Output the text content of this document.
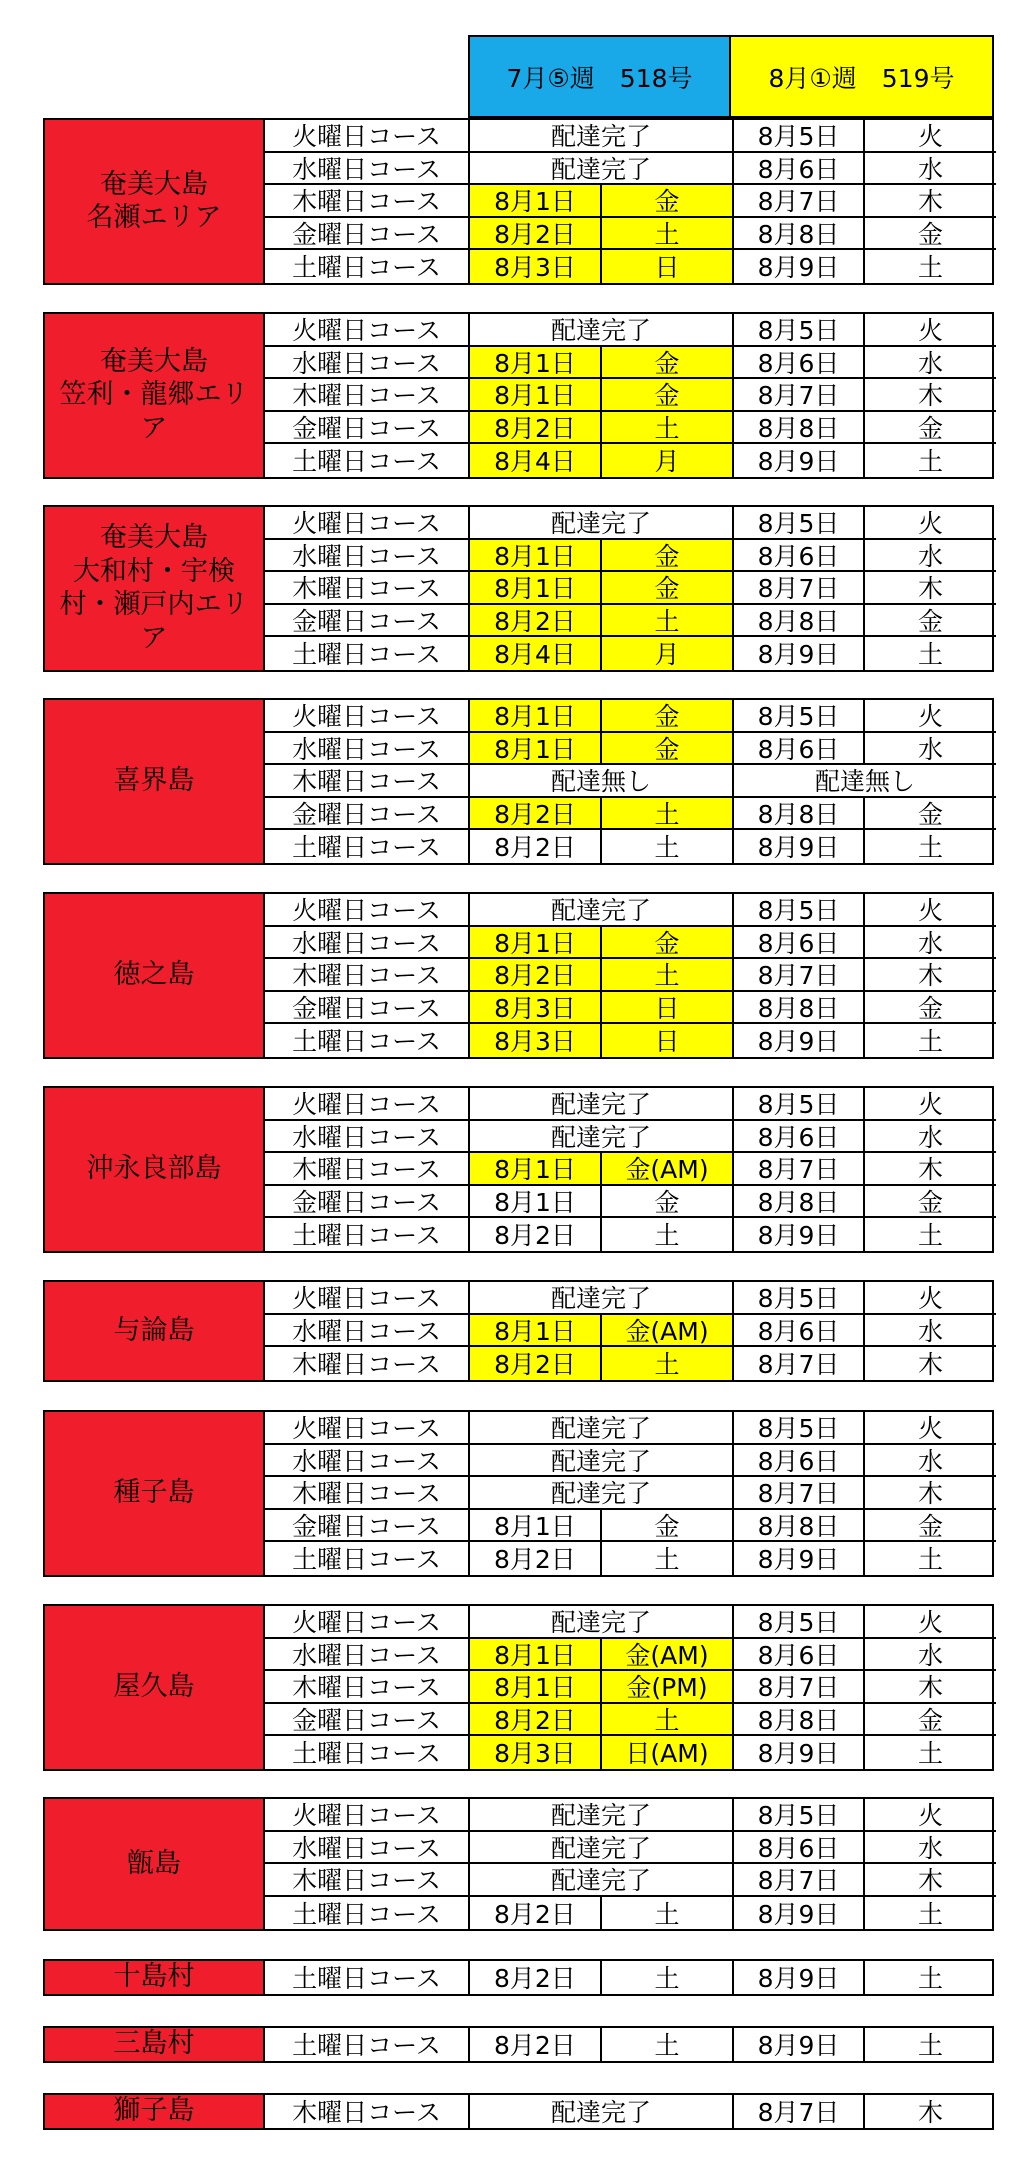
7月⑤週　518号	8月①週　519号
奄美大島
名瀬エリア
火曜日コース	配達完了	8月5日	火
水曜日コース	配達完了	8月6日	水
木曜日コース	8月1日	金	8月7日	木
金曜日コース	8月2日	土	8月8日	金
土曜日コース	8月3日	日	8月9日	土
奄美大島
笠利・龍郷エリ
ア
火曜日コース	配達完了	8月5日	火
水曜日コース	8月1日	金	8月6日	水
木曜日コース	8月1日	金	8月7日	木
金曜日コース	8月2日	土	8月8日	金
土曜日コース	8月4日	月	8月9日	土
奄美大島
大和村・宇検
村・瀬戸内エリ
ア
火曜日コース	配達完了	8月5日	火
水曜日コース	8月1日	金	8月6日	水
木曜日コース	8月1日	金	8月7日	木
金曜日コース	8月2日	土	8月8日	金
土曜日コース	8月4日	月	8月9日	土
喜界島
火曜日コース	8月1日	金	8月5日	火
水曜日コース	8月1日	金	8月6日	水
木曜日コース	配達無し	配達無し
金曜日コース	8月2日	土	8月8日	金
土曜日コース	8月2日	土	8月9日	土
徳之島
火曜日コース	配達完了	8月5日	火
水曜日コース	8月1日	金	8月6日	水
木曜日コース	8月2日	土	8月7日	木
金曜日コース	8月3日	日	8月8日	金
土曜日コース	8月3日	日	8月9日	土
沖永良部島
火曜日コース	配達完了	8月5日	火
水曜日コース	配達完了	8月6日	水
木曜日コース	8月1日	金(AM)	8月7日	木
金曜日コース	8月1日	金	8月8日	金
土曜日コース	8月2日	土	8月9日	土
与論島
火曜日コース	配達完了	8月5日	火
水曜日コース	8月1日	金(AM)	8月6日	水
木曜日コース	8月2日	土	8月7日	木
種子島
火曜日コース	配達完了	8月5日	火
水曜日コース	配達完了	8月6日	水
木曜日コース	配達完了	8月7日	木
金曜日コース	8月1日	金	8月8日	金
土曜日コース	8月2日	土	8月9日	土
屋久島
火曜日コース	配達完了	8月5日	火
水曜日コース	8月1日	金(AM)	8月6日	水
木曜日コース	8月1日	金(PM)	8月7日	木
金曜日コース	8月2日	土	8月8日	金
土曜日コース	8月3日	日(AM)	8月9日	土
甑島
火曜日コース	配達完了	8月5日	火
水曜日コース	配達完了	8月6日	水
木曜日コース	配達完了	8月7日	木
土曜日コース	8月2日	土	8月9日	土
十島村	土曜日コース	8月2日	土	8月9日	土
三島村	土曜日コース	8月2日	土	8月9日	土
獅子島	木曜日コース	配達完了	8月7日	木
